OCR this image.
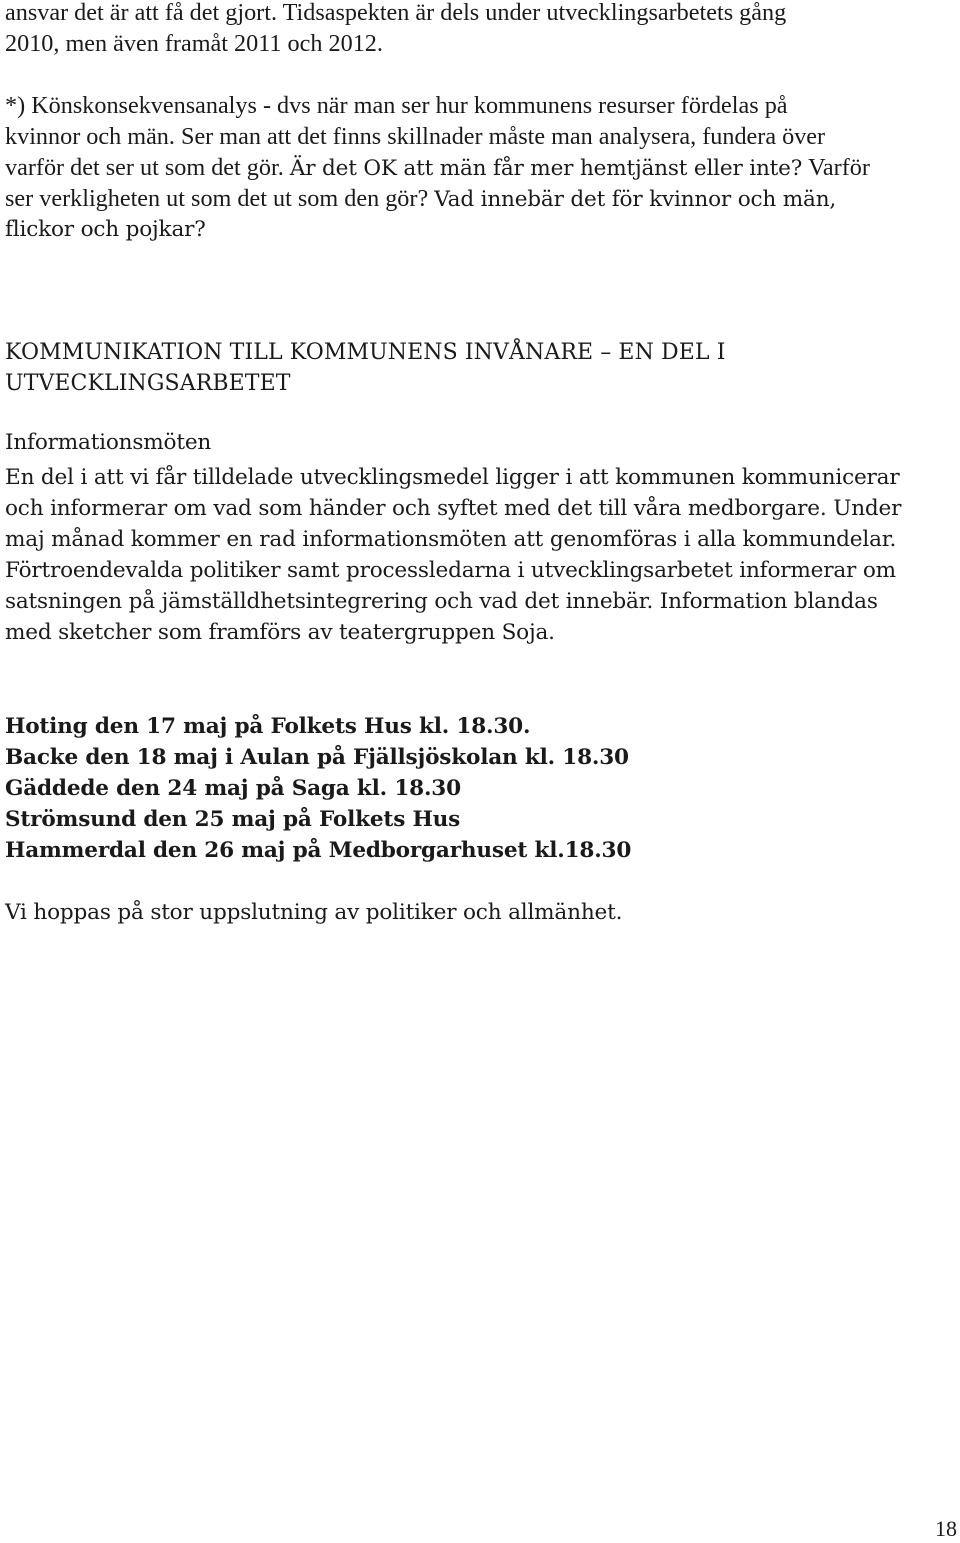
ansvar det är att få det gjort. Tidsaspekten är dels under utvecklingsarbetets gång
2010, men även framåt 2011 och 2012.
*) Könskonsekvensanalys - dvs när man ser hur kommunens resurser fördelas på
kvinnor och män. Ser man att det finns skillnader måste man analysera, fundera över
varför det ser ut som det gör. Är det OK att män får mer hemtjänst eller inte? Varför
ser verkligheten ut som det ut som den gör? Vad innebär det för kvinnor och män,
flickor och pojkar?
KOMMUNIKATION TILL KOMMUNENS INVÅNARE – EN DEL I
UTVECKLINGSARBETET
Informationsmöten
En del i att vi får tilldelade utvecklingsmedel ligger i att kommunen kommunicerar
och informerar om vad som händer och syftet med det till våra medborgare. Under
maj månad kommer en rad informationsmöten att genomföras i alla kommundelar.
Förtroendevalda politiker samt processledarna i utvecklingsarbetet informerar om
satsningen på jämställdhetsintegrering och vad det innebär. Information blandas
med sketcher som framförs av teatergruppen Soja.
Hoting den 17 maj på Folkets Hus kl. 18.30.
Backe den 18 maj i Aulan på Fjällsjöskolan kl. 18.30
Gäddede den 24 maj på Saga kl. 18.30
Strömsund den 25 maj på Folkets Hus
Hammerdal den 26 maj på Medborgarhuset kl.18.30
Vi hoppas på stor uppslutning av politiker och allmänhet.
18
